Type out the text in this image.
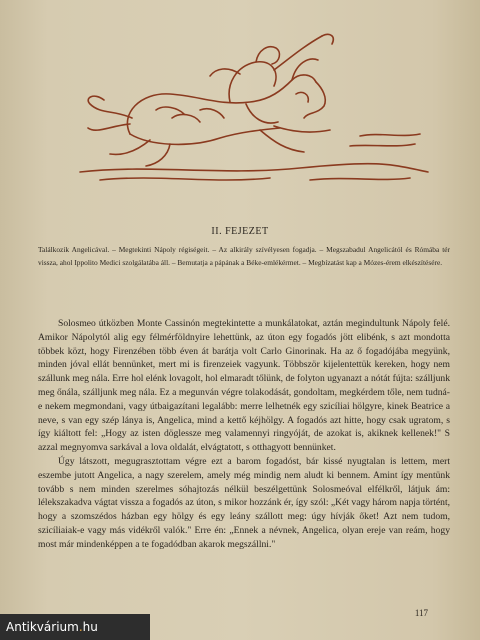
II. FEJEZET
Találkozik Angelicával. – Megtekinti Nápoly régiségeit. – Az alkirály szívélyesen fogadja. – Megszabadul Angelicától és Rómába tér vissza, ahol Ippolito Medici szolgálatába áll. – Bemutatja a pápának a Béke-emlékérmet. – Megbízatást kap a Mózes-érem elkészítésére.

Solosmeo útközben Monte Cassinón megtekintette a munkálatokat, aztán megindultunk Nápoly felé. Amikor Nápolytól alig egy félmérföldnyire lehettünk, az úton egy fogadós jött elibénk, s azt mondotta többek közt, hogy Firenzében több éven át barátja volt Carlo Ginorinak. Ha az ő fogadójába megyünk, minden jóval ellát bennünket, mert mi is firenzeiek vagyunk. Többször kijelentettük kereken, hogy nem szállunk meg nála. Erre hol elénk lovagolt, hol elmaradt tőlünk, de folyton ugyanazt a nótát fújta: szálljunk meg őnála, szálljunk meg nála. Ez a megunván végre tolakodását, gondoltam, megkérdem tőle, nem tudná-e nekem megmondani, vagy útbaigazítani legalább: merre lelhetnék egy szicíliai hölgyre, kinek Beatrice a neve, s van egy szép lánya is, Angelica, mind a kettő kéjhölgy. A fogadós azt hitte, hogy csak ugratom, s így kiáltott fel: „Hogy az isten döglessze meg valamennyi ringyóját, de azokat is, akiknek kellenek!" S azzal megnyomva sarkával a lova oldalát, elvágtatott, s otthagyott bennünket.

Úgy látszott, megugrasztottam végre ezt a barom fogadóst, bár kissé nyugtalan is lettem, mert eszembe jutott Angelica, a nagy szerelem, amely még mindig nem aludt ki bennem. Amint így mentünk tovább s nem minden szerelmes sóhajtozás nélkül beszélgettünk Solosmeóval elfélkről, látjuk ám: lélekszakadva vágtat vissza a fogadós az úton, s mikor hozzánk ér, így szól: „Két vagy három napja történt, hogy a szomszédos házban egy hölgy és egy leány szállott meg: úgy hívják őket! Azt nem tudom, szicíliaiak-e vagy más vidékről valók." Erre én: „Ennek a névnek, Angelica, olyan ereje van reám, hogy most már mindenképpen a te fogadódban akarok megszállni."

117
Antikvárium.hu
